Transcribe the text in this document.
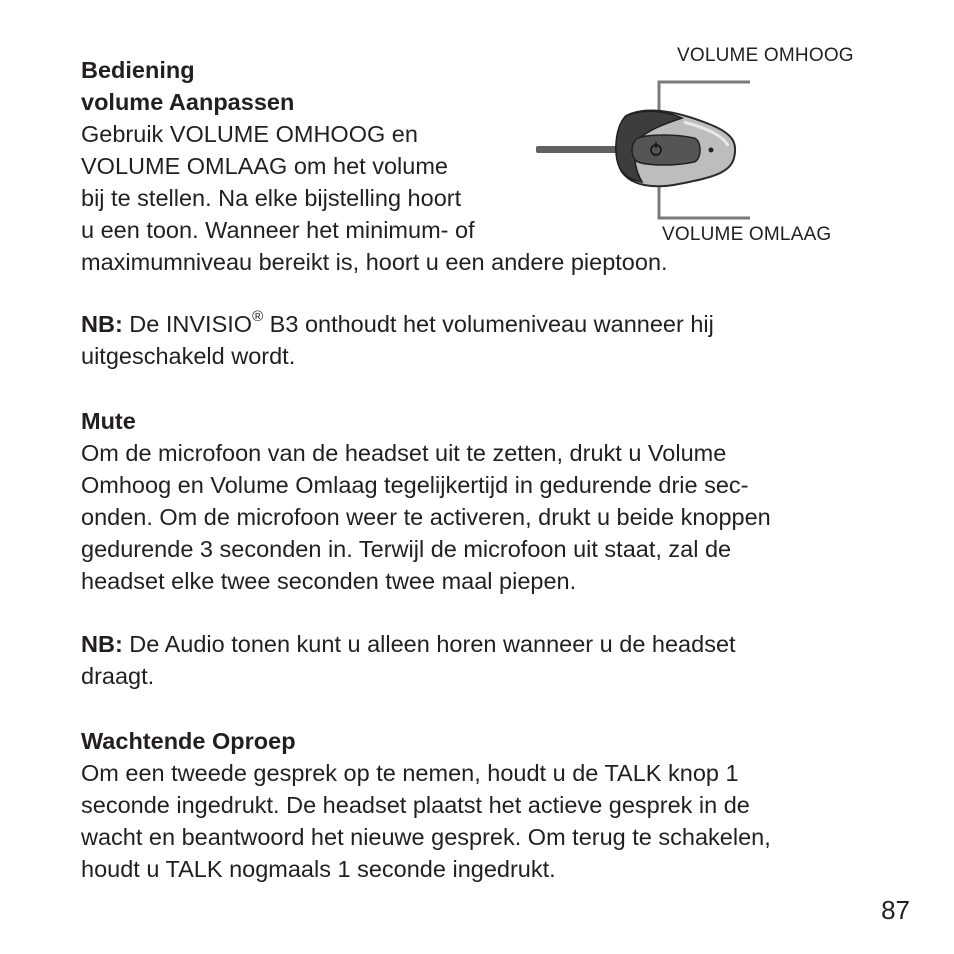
Bediening
volume Aanpassen
Gebruik VOLUME OMHOOG en
VOLUME OMLAAG om het volume
bij te stellen. Na elke bijstelling hoort
u een toon. Wanneer het minimum- of
maximumniveau bereikt is, hoort u een andere pieptoon.
VOLUME OMHOOG
VOLUME OMLAAG
NB: De INVISIO® B3 onthoudt het volumeniveau wanneer hij
uitgeschakeld wordt.
Mute
Om de microfoon van de headset uit te zetten, drukt u Volume
Omhoog en Volume Omlaag tegelijkertijd in gedurende drie sec-
onden. Om de microfoon weer te activeren, drukt u beide knoppen
gedurende 3 seconden in. Terwijl de microfoon uit staat, zal de
headset elke twee seconden twee maal piepen.
NB: De Audio tonen kunt u alleen horen wanneer u de headset
draagt.
Wachtende Oproep
Om een tweede gesprek op te nemen, houdt u de TALK knop 1
seconde ingedrukt. De headset plaatst het actieve gesprek in de
wacht en beantwoord het nieuwe gesprek. Om terug te schakelen,
houdt u TALK nogmaals 1 seconde ingedrukt.
87
